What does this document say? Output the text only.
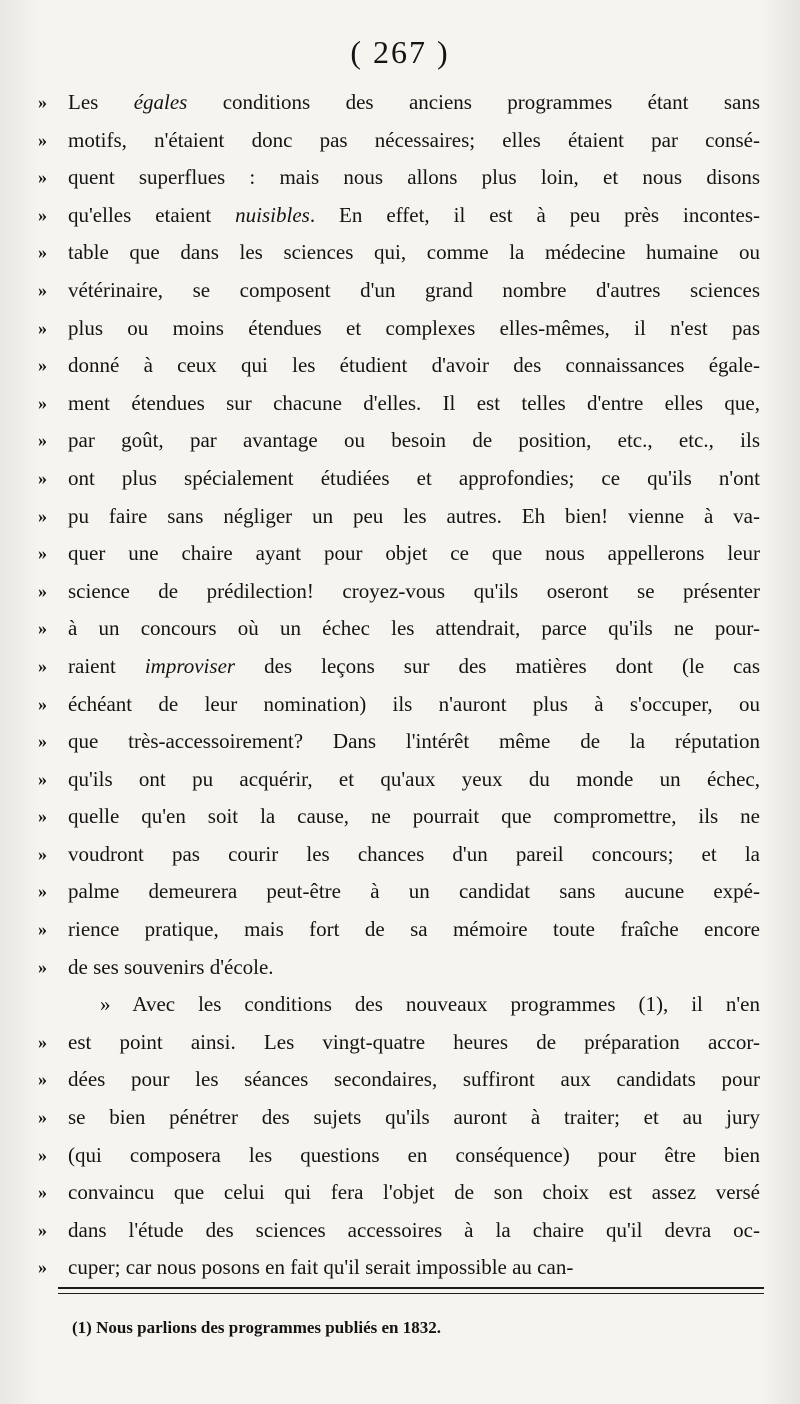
( 267 )
»	Les égales conditions des anciens programmes étant sans
»	motifs, n'étaient donc pas nécessaires; elles étaient par consé-
»	quent superflues : mais nous allons plus loin, et nous disons
»	qu'elles etaient nuisibles. En effet, il est à peu près incontes-
»	table que dans les sciences qui, comme la médecine humaine ou
»	vétérinaire, se composent d'un grand nombre d'autres sciences
»	plus ou moins étendues et complexes elles-mêmes, il n'est pas
»	donné à ceux qui les étudient d'avoir des connaissances égale-
»	ment étendues sur chacune d'elles. Il est telles d'entre elles que,
»	par goût, par avantage ou besoin de position, etc., etc., ils
»	ont plus spécialement étudiées et approfondies; ce qu'ils n'ont
»	pu faire sans négliger un peu les autres. Eh bien! vienne à va-
»	quer une chaire ayant pour objet ce que nous appellerons leur
»	science de prédilection! croyez-vous qu'ils oseront se présenter
»	à un concours où un échec les attendrait, parce qu'ils ne pour-
»	raient improviser des leçons sur des matières dont (le cas
»	échéant de leur nomination) ils n'auront plus à s'occuper, ou
»	que très-accessoirement? Dans l'intérêt même de la réputation
»	qu'ils ont pu acquérir, et qu'aux yeux du monde un échec,
»	quelle qu'en soit la cause, ne pourrait que compromettre, ils ne
»	voudront pas courir les chances d'un pareil concours; et la
»	palme demeurera peut-être à un candidat sans aucune expé-
»	rience pratique, mais fort de sa mémoire toute fraîche encore
»	de ses souvenirs d'école.
» Avec les conditions des nouveaux programmes (1), il n'en
»	est point ainsi. Les vingt-quatre heures de préparation accor-
»	dées pour les séances secondaires, suffiront aux candidats pour
»	se bien pénétrer des sujets qu'ils auront à traiter; et au jury
»	(qui composera les questions en conséquence) pour être bien
»	convaincu que celui qui fera l'objet de son choix est assez versé
»	dans l'étude des sciences accessoires à la chaire qu'il devra oc-
»	cuper; car nous posons en fait qu'il serait impossible au can-
(1) Nous parlions des programmes publiés en 1832.
